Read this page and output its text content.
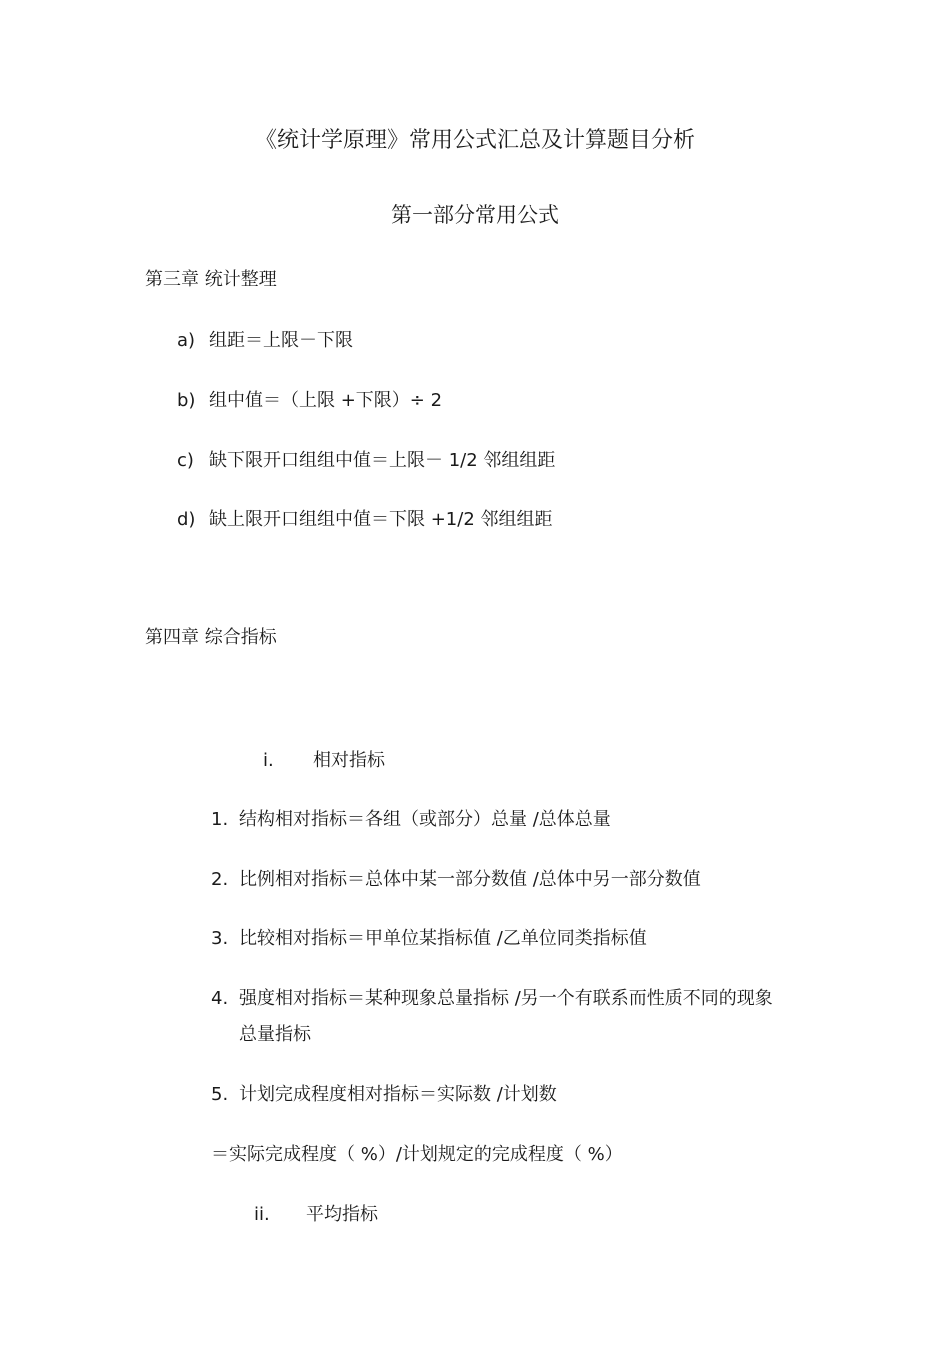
《统计学原理》常用公式汇总及计算题目分析
第一部分常用公式
第三章 统计整理
a) 组距＝上限－下限
b) 组中值＝（上限 +下限）÷ 2
c) 缺下限开口组组中值＝上限－ 1/2 邻组组距
d) 缺上限开口组组中值＝下限 +1/2 邻组组距
第四章 综合指标
i. 相对指标
1. 结构相对指标＝各组（或部分）总量 /总体总量
2. 比例相对指标＝总体中某一部分数值 /总体中另一部分数值
3. 比较相对指标＝甲单位某指标值 /乙单位同类指标值
4. 强度相对指标＝某种现象总量指标 /另一个有联系而性质不同的现象
总量指标
5. 计划完成程度相对指标＝实际数 /计划数
＝实际完成程度（ %）/计划规定的完成程度（ %）
ii. 平均指标
